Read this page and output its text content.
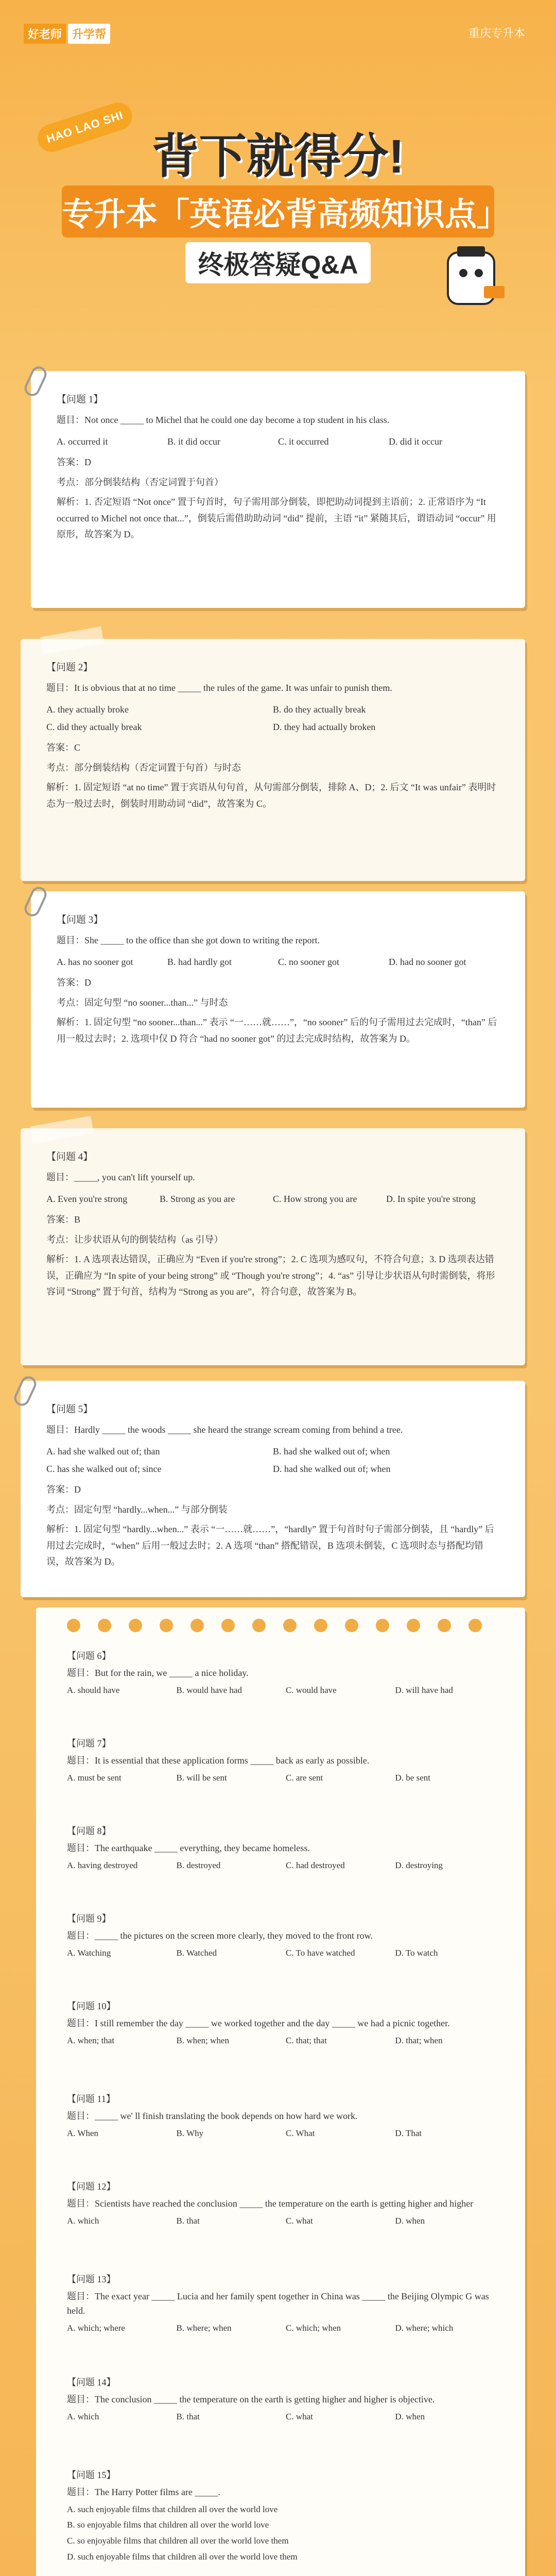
好老师 升学帮	重庆专升本
HAO LAO SHI
背下就得分!
专升本「英语必背高频知识点」
终极答疑Q&A
【问题 1】
题目：Not once _____ to Michel that he could one day become a top student in his class.
A. occurred it	B. it did occur	C. it occurred	D. did it occur
答案：D
考点：部分倒装结构（否定词置于句首）
解析：1. 否定短语 “Not once” 置于句首时，句子需用部分倒装，即把助动词提到主语前；2. 正常语序为 “It occurred to Michel not once that...”，倒装后需借助助动词 “did” 提前，主语 “it” 紧随其后，谓语动词 “occur” 用原形，故答案为 D。
【问题 2】
题目：It is obvious that at no time _____ the rules of the game. It was unfair to punish them.
A. they actually broke	B. do they actually break
C. did they actually break	D. they had actually broken
答案：C
考点：部分倒装结构（否定词置于句首）与时态
解析：1. 固定短语 “at no time” 置于宾语从句句首，从句需部分倒装，排除 A、D；2. 后文 “It was unfair” 表明时态为一般过去时，倒装时用助动词 “did”，故答案为 C。
【问题 3】
题目：She _____ to the office than she got down to writing the report.
A. has no sooner got	B. had hardly got	C. no sooner got	D. had no sooner got
答案：D
考点：固定句型 “no sooner...than...” 与时态
解析：1. 固定句型 “no sooner...than...” 表示 “一……就……”，“no sooner” 后的句子需用过去完成时，“than” 后用一般过去时；2. 选项中仅 D 符合 “had no sooner got” 的过去完成时结构，故答案为 D。
【问题 4】
题目：_____, you can't lift yourself up.
A. Even you're strong	B. Strong as you are	C. How strong you are	D. In spite you're strong
答案：B
考点：让步状语从句的倒装结构（as 引导）
解析：1. A 选项表达错误，正确应为 “Even if you're strong”；2. C 选项为感叹句，不符合句意；3. D 选项表达错误，正确应为 “In spite of your being strong” 或 “Though you're strong”；4. “as” 引导让步状语从句时需倒装，将形容词 “Strong” 置于句首，结构为 “Strong as you are”，符合句意，故答案为 B。
【问题 5】
题目：Hardly _____ the woods _____ she heard the strange scream coming from behind a tree.
A. had she walked out of; than	B. had she walked out of; when
C. has she walked out of; since	D. had she walked out of; when
答案：D
考点：固定句型 “hardly...when...” 与部分倒装
解析：1. 固定句型 “hardly...when...” 表示 “一……就……”，“hardly” 置于句首时句子需部分倒装，且 “hardly” 后用过去完成时，“when” 后用一般过去时；2. A 选项 “than” 搭配错误，B 选项未倒装，C 选项时态与搭配均错误，故答案为 D。
【问题 6】
题目：But for the rain, we _____ a nice holiday.
A. should have	B. would have had	C. would have	D. will have had
【问题 7】
题目：It is essential that these application forms _____ back as early as possible.
A. must be sent	B. will be sent	C. are sent	D. be sent
【问题 8】
题目：The earthquake _____ everything, they became homeless.
A. having destroyed	B. destroyed	C. had destroyed	D. destroying
【问题 9】
题目：_____ the pictures on the screen more clearly, they moved to the front row.
A. Watching	B. Watched	C. To have watched	D. To watch
【问题 10】
题目：I still remember the day _____ we worked together and the day _____ we had a picnic together.
A. when; that	B. when; when	C. that; that	D. that; when
【问题 11】
题目：_____ we' ll finish translating the book depends on how hard we work.
A. When	B. Why	C. What	D. That
【问题 12】
题目：Scientists have reached the conclusion _____ the temperature on the earth is getting higher and higher
A. which	B. that	C. what	D. when
【问题 13】
题目：The exact year _____ Lucia and her family spent together in China was _____ the Beijing Olympic G was held.
A. which; where	B. where; when	C. which; when	D. where; which
【问题 14】
题目：The conclusion _____ the temperature on the earth is getting higher and higher is objective.
A. which	B. that	C. what	D. when
【问题 15】
题目：The Harry Potter films are _____.
A. such enjoyable films that children all over the world love
B. so enjoyable films that children all over the world love
C. so enjoyable films that children all over the world love them
D. such enjoyable films that children all over the world love them
